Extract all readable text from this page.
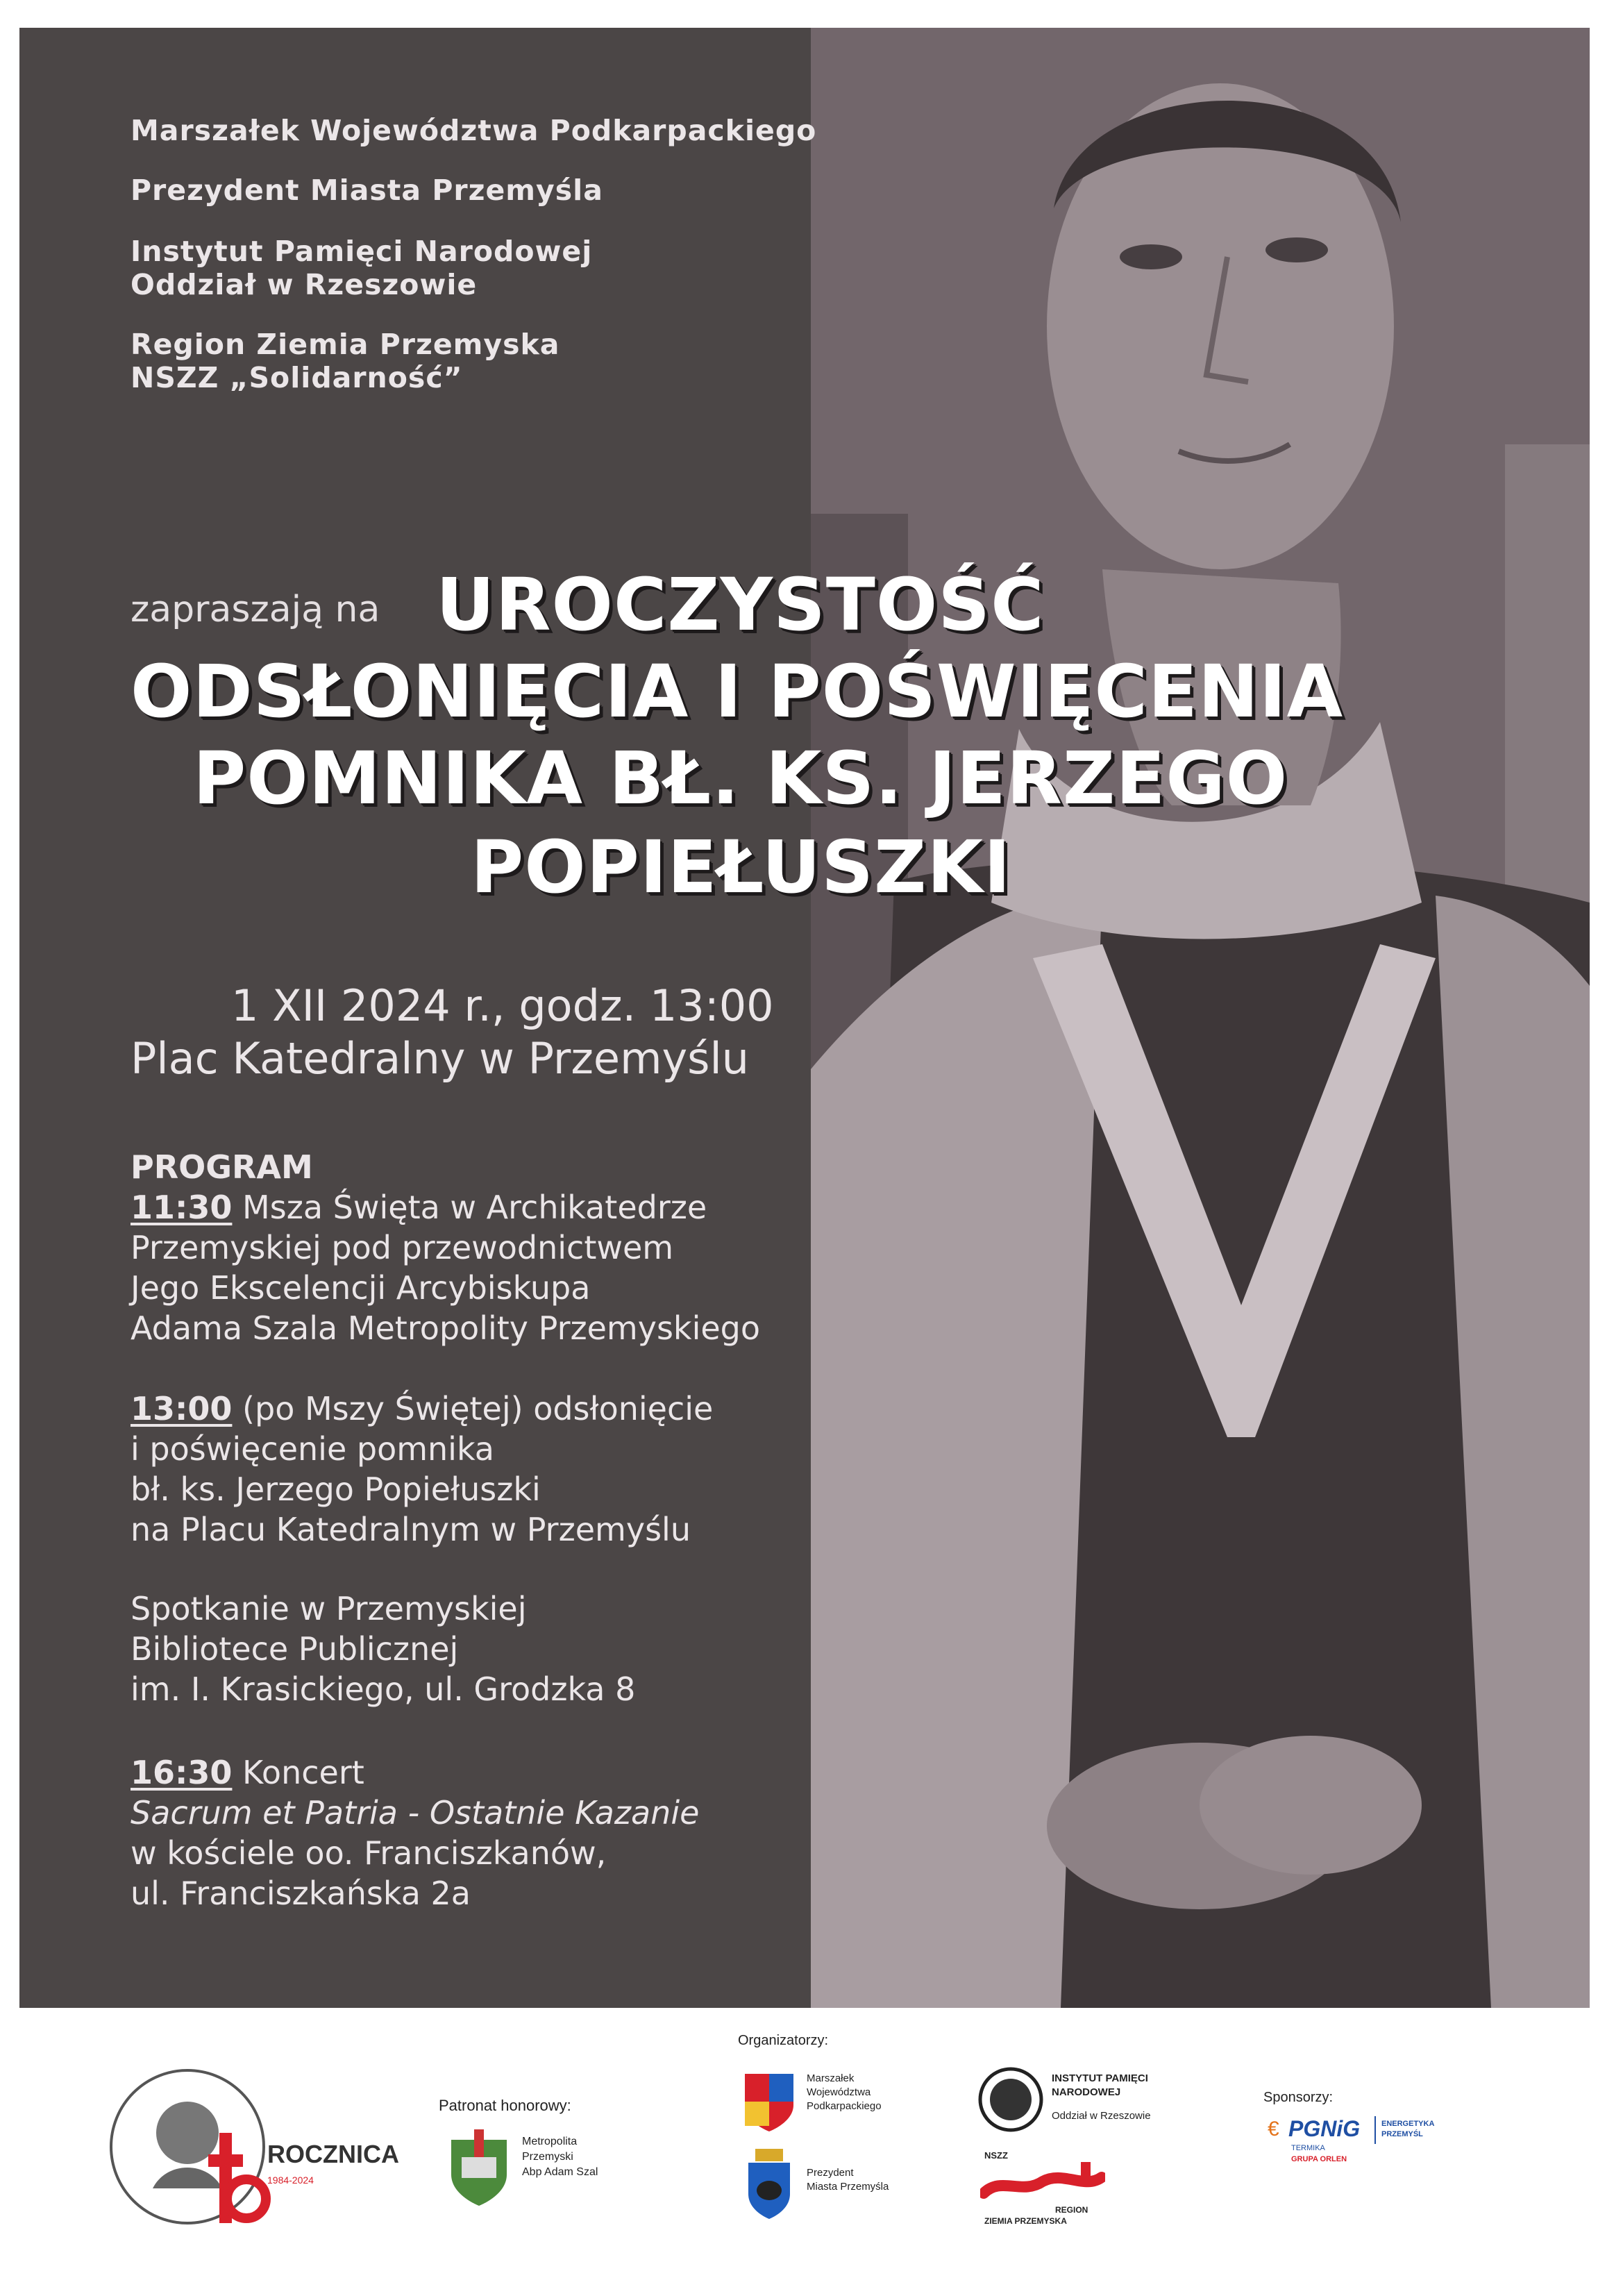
Marszałek Województwa Podkarpackiego
Prezydent Miasta Przemyśla
Instytut Pamięci Narodowej
Oddział w Rzeszowie
Region Ziemia Przemyska
NSZZ „Solidarność”
zapraszają na UROCZYSTOŚĆ
ODSŁONIĘCIA I POŚWIĘCENIA
POMNIKA BŁ. KS. JERZEGO
POPIEŁUSZKI
1 XII 2024 r., godz. 13:00
Plac Katedralny w Przemyślu
PROGRAM
11:30 Msza Święta w Archikatedrze
Przemyskiej pod przewodnictwem
Jego Ekscelencji Arcybiskupa
Adama Szala Metropolity Przemyskiego
13:00 (po Mszy Świętej) odsłonięcie
i poświęcenie pomnika
bł. ks. Jerzego Popiełuszki
na Placu Katedralnym w Przemyślu
Spotkanie w Przemyskiej
Bibliotece Publicznej
im. I. Krasickiego, ul. Grodzka 8
16:30 Koncert
Sacrum et Patria - Ostatnie Kazanie
w kościele oo. Franciszkanów,
ul. Franciszkańska 2a
ROCZNICA
1984-2024
Patronat honorowy:
Metropolita
Przemyski
Abp Adam Szal
Organizatorzy:
Marszałek
Województwa
Podkarpackiego
Prezydent
Miasta Przemyśla
INSTYTUT PAMIĘCI
NARODOWEJ
Oddział w Rzeszowie
NSZZ
REGION
ZIEMIA PRZEMYSKA
Sponsorzy:
€ PGNiG
TERMIKA
GRUPA ORLEN
ENERGETYKA
PRZEMYŚL
